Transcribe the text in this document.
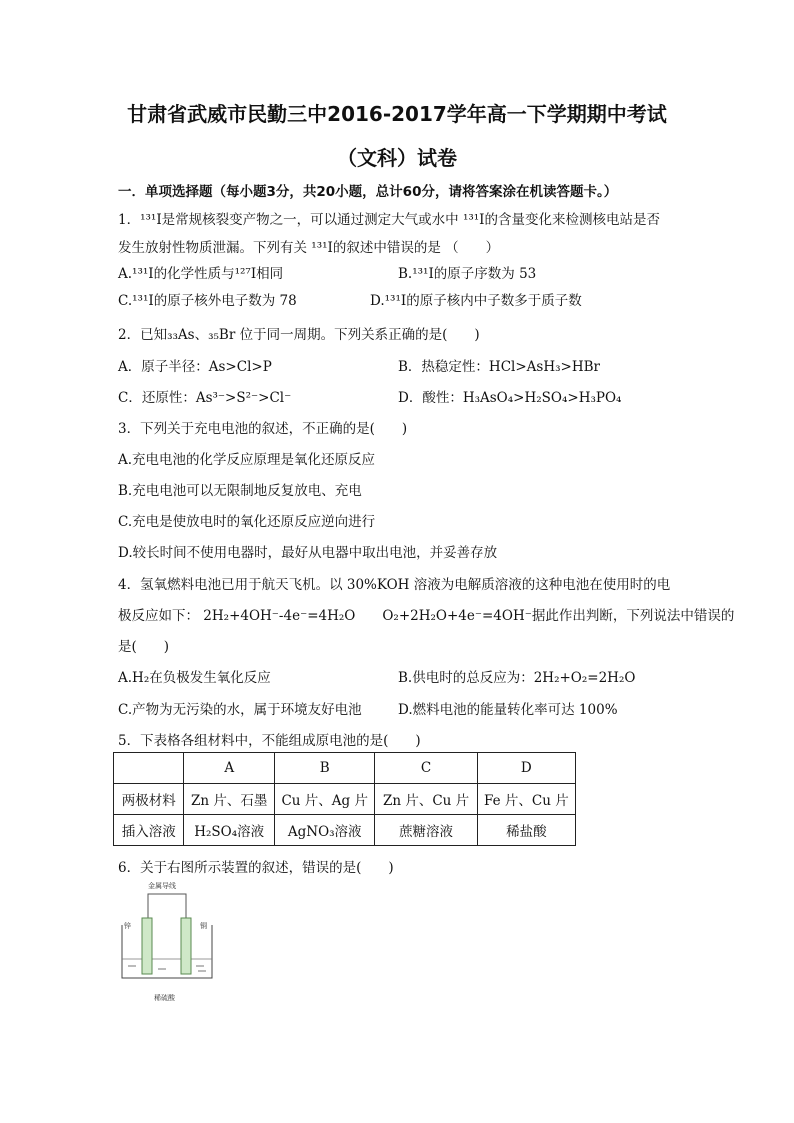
甘肃省武威市民勤三中2016-2017学年高一下学期期中考试
（文科）试卷
一．单项选择题（每小题3分，共20小题，总计60分，请将答案涂在机读答题卡。）
1．¹³¹I是常规核裂变产物之一，可以通过测定大气或水中 ¹³¹I的含量变化来检测核电站是否
发生放射性物质泄漏。下列有关 ¹³¹I的叙述中错误的是 （　　）
A.¹³¹I的化学性质与¹²⁷I相同	B.¹³¹I的原子序数为 53
C.¹³¹I的原子核外电子数为 78	D.¹³¹I的原子核内中子数多于质子数
2．已知₃₃As、₃₅Br 位于同一周期。下列关系正确的是(　　)
A．原子半径：As>Cl>P	B．热稳定性：HCl>AsH₃>HBr
C．还原性：As³⁻>S²⁻>Cl⁻	D．酸性：H₃AsO₄>H₂SO₄>H₃PO₄
3．下列关于充电电池的叙述，不正确的是(　　)
A.充电电池的化学反应原理是氧化还原反应
B.充电电池可以无限制地反复放电、充电
C.充电是使放电时的氧化还原反应逆向进行
D.较长时间不使用电器时，最好从电器中取出电池，并妥善存放
4．氢氧燃料电池已用于航天飞机。以 30%KOH 溶液为电解质溶液的这种电池在使用时的电
极反应如下： 2H₂+4OH⁻-4e⁻=4H₂O　　O₂+2H₂O+4e⁻=4OH⁻据此作出判断，下列说法中错误的
是(　　)
A.H₂在负极发生氧化反应	B.供电时的总反应为：2H₂+O₂=2H₂O
C.产物为无污染的水，属于环境友好电池	D.燃料电池的能量转化率可达 100%
5．下表格各组材料中，不能组成原电池的是(　　)
	A	B	C	D
两极材料	Zn 片、石墨	Cu 片、Ag 片	Zn 片、Cu 片	Fe 片、Cu 片
插入溶液	H₂SO₄溶液	AgNO₃溶液	蔗糖溶液	稀盐酸
6．关于右图所示装置的叙述，错误的是(　　)
金属导线
锌	铜
稀硫酸
